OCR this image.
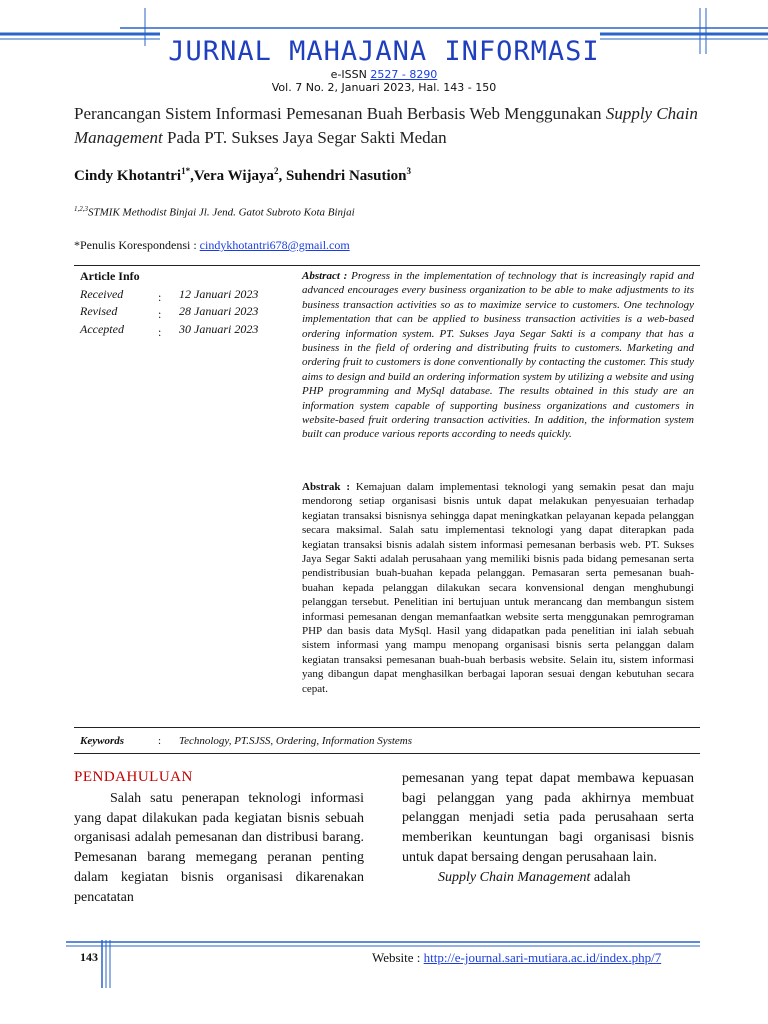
JURNAL MAHAJANA INFORMASI
e-ISSN 2527 - 8290
Vol. 7 No. 2, Januari 2023, Hal. 143 - 150
Perancangan Sistem Informasi Pemesanan Buah Berbasis Web Menggunakan Supply Chain Management Pada PT. Sukses Jaya Segar Sakti Medan
Cindy Khotantri$^{1*}$,Vera Wijaya$^2$, Suhendri Nasution$^3$
$^{1,2,3}$STMIK Methodist Binjai Jl. Jend. Gatot Subroto Kota Binjai
*Penulis Korespondensi : cindykhotantri678@gmail.com
Article Info
Received	: 12 Januari 2023
Revised	: 28 Januari 2023
Accepted	: 30 Januari 2023
Abstract : Progress in the implementation of technology that is increasingly rapid and advanced encourages every business organization to be able to make adjustments to its business transaction activities so as to maximize service to customers. One technology implementation that can be applied to business transaction activities is a web-based ordering information system. PT. Sukses Jaya Segar Sakti is a company that has a business in the field of ordering and distributing fruits to customers. Marketing and ordering fruit to customers is done conventionally by contacting the customer. This study aims to design and build an ordering information system by utilizing a website and using PHP programming and MySql database. The results obtained in this study are an information system capable of supporting business organizations and customers in website-based fruit ordering transaction activities. In addition, the information system built can produce various reports according to needs quickly.
Abstrak : Kemajuan dalam implementasi teknologi yang semakin pesat dan maju mendorong setiap organisasi bisnis untuk dapat melakukan penyesuaian terhadap kegiatan transaksi bisnisnya sehingga dapat meningkatkan pelayanan kepada pelanggan secara maksimal. Salah satu implementasi teknologi yang dapat diterapkan pada kegiatan transaksi bisnis adalah sistem informasi pemesanan berbasis web. PT. Sukses Jaya Segar Sakti adalah perusahaan yang memiliki bisnis pada bidang pemesanan serta pendistribusian buah-buahan kepada pelanggan. Pemasaran serta pemesanan buah-buahan kepada pelanggan dilakukan secara konvensional dengan menghubungi pelanggan tersebut. Penelitian ini bertujuan untuk merancang dan membangun sistem informasi pemesanan dengan memanfaatkan website serta menggunakan pemrograman PHP dan basis data MySql. Hasil yang didapatkan pada penelitian ini ialah sebuah sistem informasi yang mampu menopang organisasi bisnis serta pelanggan dalam kegiatan transaksi pemesanan buah-buah berbasis website. Selain itu, sistem informasi yang dibangun dapat menghasilkan berbagai laporan sesuai dengan kebutuhan secara cepat.
Keywords	: Technology, PT.SJSS, Ordering, Information Systems
PENDAHULUAN
Salah satu penerapan teknologi informasi yang dapat dilakukan pada kegiatan bisnis sebuah organisasi adalah pemesanan dan distribusi barang. Pemesanan barang memegang peranan penting dalam kegiatan bisnis organisasi dikarenakan pencatatan
pemesanan yang tepat dapat membawa kepuasan bagi pelanggan yang pada akhirnya membuat pelanggan menjadi setia pada perusahaan serta memberikan keuntungan bagi organisasi bisnis untuk dapat bersaing dengan perusahaan lain.
Supply Chain Management adalah
143	Website : http://e-journal.sari-mutiara.ac.id/index.php/7
